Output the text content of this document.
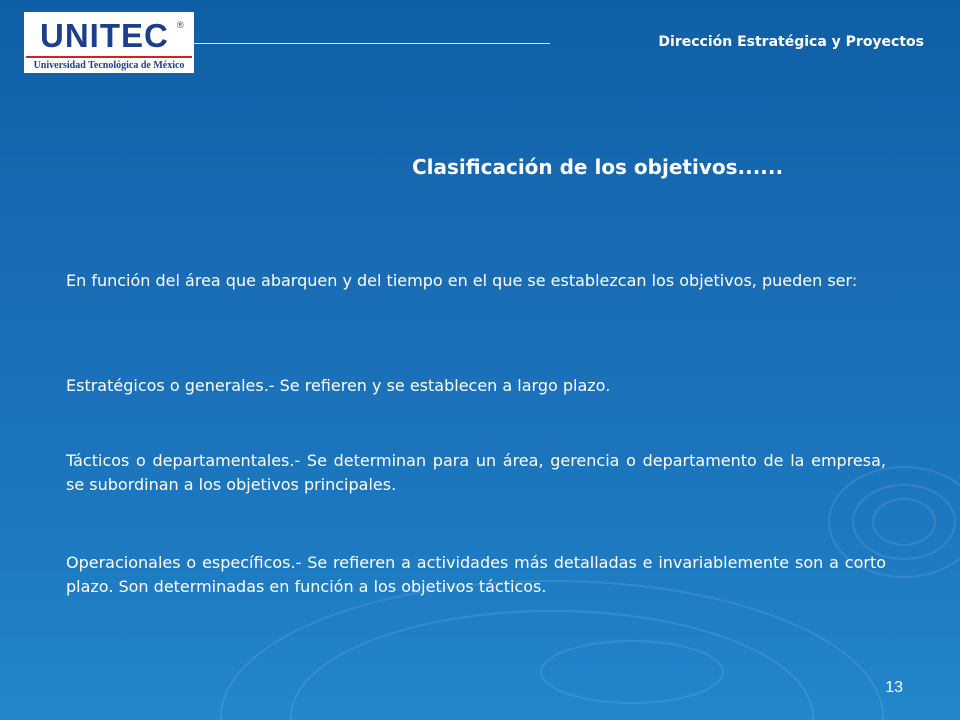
UNITEC ®
Universidad Tecnológica de México
Dirección Estratégica y Proyectos
Clasificación de los objetivos......
En función del área que abarquen y del tiempo en el que se establezcan los objetivos, pueden ser:
Estratégicos o generales.- Se refieren y se establecen a largo plazo.
Tácticos o departamentales.- Se determinan para un área, gerencia o departamento de la empresa, se subordinan a los objetivos principales.
Operacionales o específicos.- Se refieren a actividades más detalladas e invariablemente son a corto plazo. Son determinadas en función a los objetivos tácticos.
13
